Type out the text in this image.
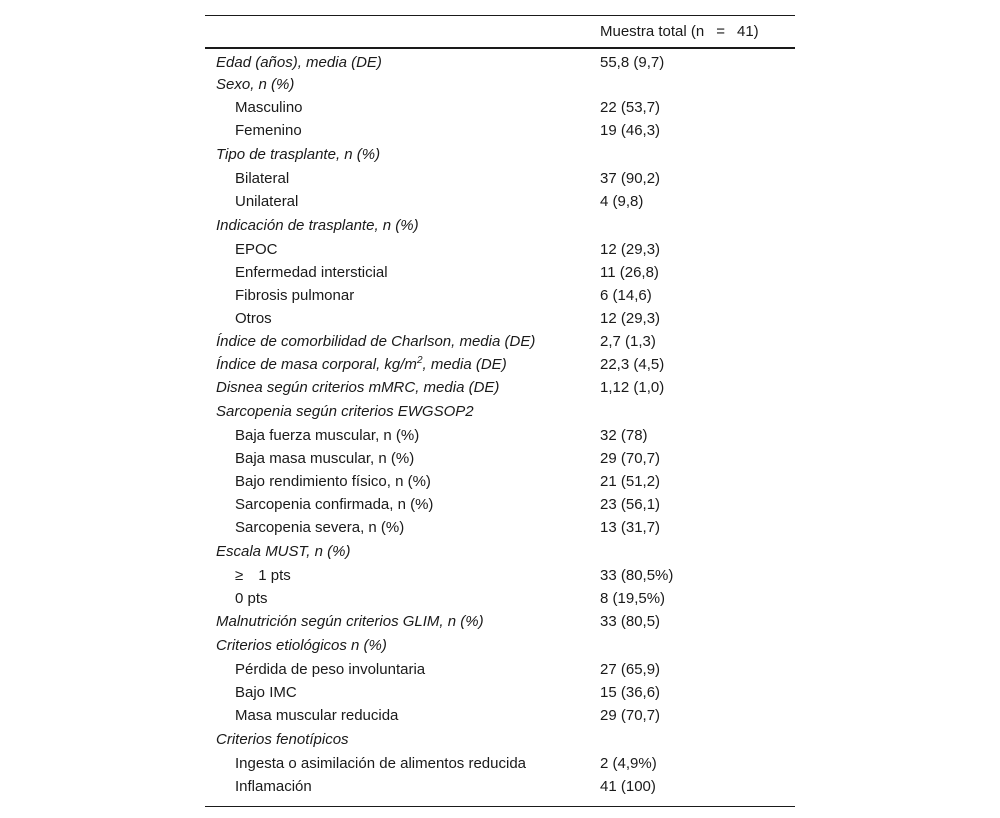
Muestra total (n    =    41)
Edad (años), media (DE)	55,8 (9,7)
Sexo, n (%)
Masculino	22 (53,7)
Femenino	19 (46,3)
Tipo de trasplante, n (%)
Bilateral	37 (90,2)
Unilateral	4 (9,8)
Indicación de trasplante, n (%)
EPOC	12 (29,3)
Enfermedad intersticial	11 (26,8)
Fibrosis pulmonar	6 (14,6)
Otros	12 (29,3)
Índice de comorbilidad de Charlson, media (DE)	2,7 (1,3)
Índice de masa corporal, $kg/m^2$, media (DE)	22,3 (4,5)
Disnea según criterios mMRC, media (DE)	1,12 (1,0)
Sarcopenia según criterios EWGSOP2
Baja fuerza muscular, n (%)	32 (78)
Baja masa muscular, n (%)	29 (70,7)
Bajo rendimiento físico, n (%)	21 (51,2)
Sarcopenia confirmada, n (%)	23 (56,1)
Sarcopenia severa, n (%)	13 (31,7)
Escala MUST, n (%)
≥     1 pts	33 (80,5%)
0 pts	8 (19,5%)
Malnutrición según criterios GLIM, n (%)	33 (80,5)
Criterios etiológicos n (%)
Pérdida de peso involuntaria	27 (65,9)
Bajo IMC	15 (36,6)
Masa muscular reducida	29 (70,7)
Criterios fenotípicos
Ingesta o asimilación de alimentos reducida	2 (4,9%)
Inflamación	41 (100)
